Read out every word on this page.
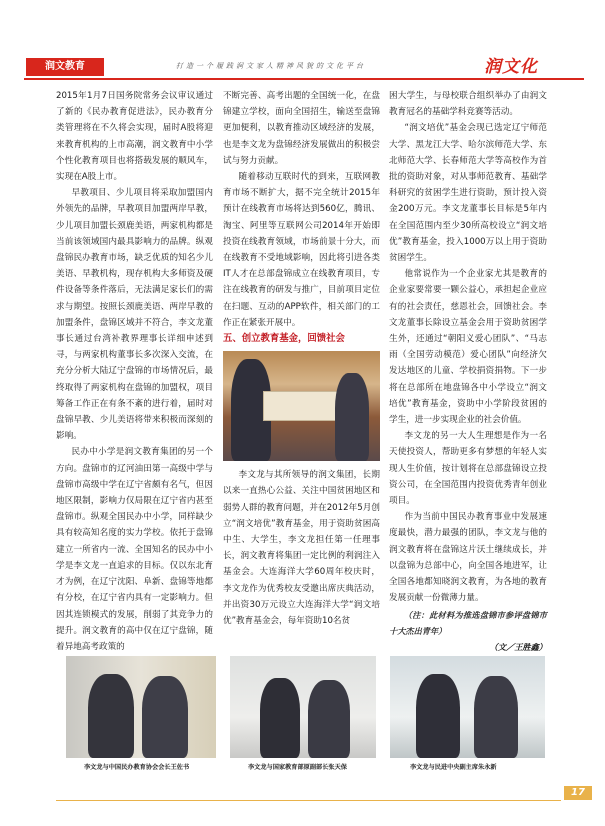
润文教育	打造一个履践润文家人精神风貌的文化平台	润文化

2015年1月7日国务院常务会议审议通过了新的《民办教育促进法》，民办教育分类管理将在不久将会实现，届时A股将迎来教育机构的上市高潮，润文教育中小学个性化教育项目也将搭载发展的顺风车，实现在A股上市。

早教项目、少儿项目将采取加盟国内外领先的品牌，早教项目加盟两岸早教，少儿项目加盟长颈鹿美语，两家机构都是当前该领域国内最具影响力的品牌。纵观盘锦民办教育市场，缺乏优质的知名少儿美语、早教机构，现存机构大多师资及硬件设备等条件落后，无法满足家长们的需求与期望。按照长颈鹿美语、两岸早教的加盟条件，盘锦区域并不符合，李文龙董事长通过台湾补教界理事长详细申述到寻，与两家机构董事长多次深入交流，在充分分析大陆辽宁盘锦的市场情况后，最终取得了两家机构在盘锦的加盟权，项目筹备工作正在有条不紊的进行着，届时对盘锦早教、少儿美语将带来积极而深刻的影响。

民办中小学是润文教育集团的另一个方向。盘锦市的辽河油田第一高级中学与盘锦市高级中学在辽宁省颇有名气，但因地区限制，影响力仅局限在辽宁省内甚至盘锦市。纵观全国民办中小学，同样缺少具有较高知名度的实力学校。依托于盘锦建立一所省内一流、全国知名的民办中小学是李文龙一直追求的目标。仅以东北育才为例，在辽宁沈阳、阜新、盘锦等地都有分校，在辽宁省内具有一定影响力。但因其连锁模式的发展，削弱了其竞争力的提升。润文教育的高中仅在辽宁盘锦，随着异地高考政策的

不断完善、高考出题的全国统一化，在盘锦建立学校，面向全国招生，输送至盘锦更加便利，以教育推动区域经济的发展，也是李文龙为盘锦经济发展做出的积极尝试与努力贡献。

随着移动互联时代的到来，互联网教育市场不断扩大，据不完全统计2015年预计在线教育市场将达到560亿，腾讯、淘宝、阿里等互联网公司2014年开始即投资在线教育领域，市场前景十分大，而在线教育不受地域影响，因此将引进各类IT人才在总部盘锦成立在线教育项目，专注在线教育的研发与推广，目前项目定位在扫题、互动的APP软件，相关部门的工作正在紧张开展中。

五、创立教育基金，回馈社会

李文龙与其所领导的润文集团，长期以来一直热心公益、关注中国贫困地区和弱势人群的教育问题，并在2012年5月创立“润文培优”教育基金，用于资助贫困高中生、大学生，李文龙担任第一任理事长，润文教育将集团一定比例的利润注入基金会。大连海洋大学60周年校庆时，李文龙作为优秀校友受邀出席庆典活动，并出资30万元设立大连海洋大学“润文培优”教育基金会，每年资助10名贫

困大学生，与母校联合组织举办了由润文教育冠名的基础学科竞赛等活动。

“润文培优”基金会现已选定辽宁师范大学、黑龙江大学、哈尔滨师范大学、东北师范大学、长春师范大学等高校作为首批的资助对象，对从事师范教育、基础学科研究的贫困学生进行资助，预计投入资金200万元。李文龙董事长目标是5年内在全国范围内至少30所高校设立“润文培优”教育基金，投入1000万以上用于资助贫困学生。

他常说作为一个企业家尤其是教育的企业家要常要一颗公益心，承担起企业应有的社会责任，慈恩社会，回馈社会。李文龙董事长除设立基金会用于资助贫困学生外，还通过“朝阳义爱心团队”、“马志雨（全国劳动模范）爱心团队”向经济欠发达地区的儿童、学校捐资捐物。下一步将在总部所在地盘锦各中小学设立“润文培优”教育基金，资助中小学阶段贫困的学生，进一步实现企业的社会价值。

李文龙的另一大人生理想是作为一名天使投资人，帮助更多有梦想的年轻人实现人生价值，按计划将在总部盘锦设立投资公司，在全国范围内投资优秀青年创业项目。

作为当前中国民办教育事业中发展速度最快，潜力最强的团队，李文龙与他的润文教育将在盘锦这片沃土继续成长，并以盘锦为总部中心，向全国各地进军，让全国各地都知晓润文教育，为各地的教育发展贡献一份微薄力量。

（注：此材料为推选盘锦市参评盘锦市十大杰出青年）

（文／王胜鑫）

李文龙与中国民办教育协会会长王佐书	李文龙与国家教育部原副部长张天保	李文龙与民进中央副主席朱永新
17
